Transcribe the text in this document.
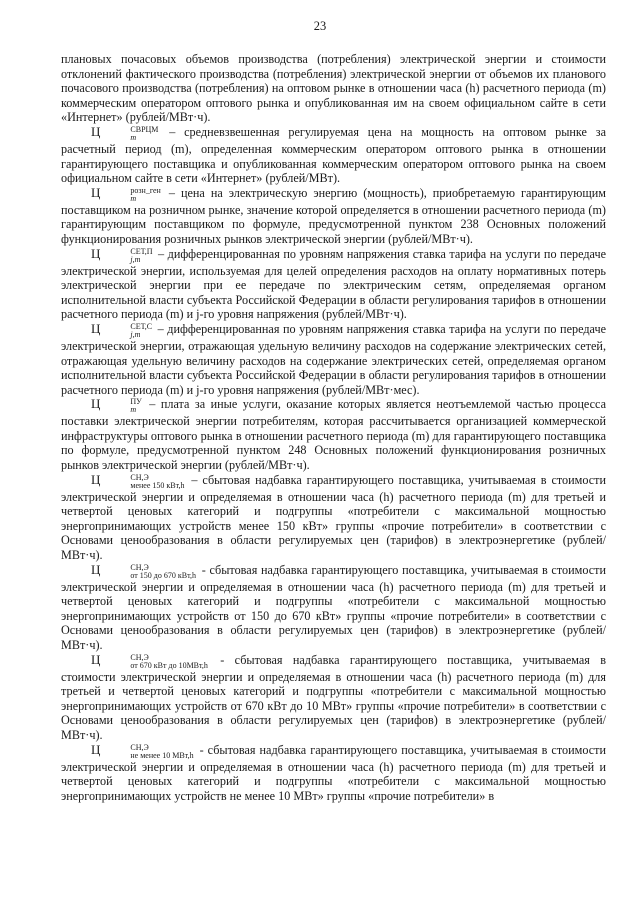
23

плановых почасовых объемов производства (потребления) электрической энергии и стоимости отклонений фактического производства (потребления) электрической энергии от объемов их планового почасового производства (потребления) на оптовом рынке в отношении часа (h) расчетного периода (m) коммерческим оператором оптового рынка и опубликованная им на своем официальном сайте в сети «Интернет» (рублей/МВт·ч).

Ц	СВРЦМ
m	– средневзвешенная регулируемая цена на мощность на оптовом рынке за расчетный период (m), определенная коммерческим оператором оптового рынка в отношении гарантирующего поставщика и опубликованная коммерческим оператором оптового рынка на своем официальном сайте в сети «Интернет» (рублей/МВт).

Ц	розн_ген
m	– цена на электрическую энергию (мощность), приобретаемую гарантирующим поставщиком на розничном рынке, значение которой определяется в отношении расчетного периода (m) гарантирующим поставщиком по формуле, предусмотренной пунктом 238 Основных положений функционирования розничных рынков электрической энергии (рублей/МВт·ч).

Ц	СЕТ,П
j,m	– дифференцированная по уровням напряжения ставка тарифа на услуги по передаче электрической энергии, используемая для целей определения расходов на оплату нормативных потерь электрической энергии при ее передаче по электрическим сетям, определяемая органом исполнительной власти субъекта Российской Федерации в области регулирования тарифов в отношении расчетного периода (m) и j-го уровня напряжения (рублей/МВт·ч).

Ц	СЕТ,С
j,m	– дифференцированная по уровням напряжения ставка тарифа на услуги по передаче электрической энергии, отражающая удельную величину расходов на содержание электрических сетей, отражающая удельную величину расходов на содержание электрических сетей, определяемая органом исполнительной власти субъекта Российской Федерации в области регулирования тарифов в отношении расчетного периода (m) и j-го уровня напряжения (рублей/МВт·мес).

Ц	ПУ
m – плата за иные услуги, оказание которых является неотъемлемой частью процесса поставки электрической энергии потребителям, которая рассчитывается организацией коммерческой инфраструктуры оптового рынка в отношении расчетного периода (m) для гарантирующего поставщика по формуле, предусмотренной пунктом 248 Основных положений функционирования розничных рынков электрической энергии (рублей/МВт·ч).

Ц	СН,Э
менее 150 кВт,h – сбытовая надбавка гарантирующего поставщика, учитываемая в стоимости электрической энергии и определяемая в отношении часа (h) расчетного периода (m) для третьей и четвертой ценовых категорий и подгруппы «потребители с максимальной мощностью энергопринимающих устройств менее 150 кВт» группы «прочие потребители» в соответствии с Основами ценообразования в области регулируемых цен (тарифов) в электроэнергетике (рублей/МВт·ч).

Ц	СН,Э
от 150 до 670 кВт,h - сбытовая надбавка гарантирующего поставщика, учитываемая в стоимости электрической энергии и определяемая в отношении часа (h) расчетного периода (m) для третьей и четвертой ценовых категорий и подгруппы «потребители с максимальной мощностью энергопринимающих устройств от 150 до 670 кВт» группы «прочие потребители» в соответствии с Основами ценообразования в области регулируемых цен (тарифов) в электроэнергетике (рублей/МВт·ч).

Ц	СН,Э
от 670 кВт до 10МВт,h - сбытовая надбавка гарантирующего поставщика, учитываемая в стоимости электрической энергии и определяемая в отношении часа (h) расчетного периода (m) для третьей и четвертой ценовых категорий и подгруппы «потребители с максимальной мощностью энергопринимающих устройств от 670 кВт до 10 МВт» группы «прочие потребители» в соответствии с Основами ценообразования в области регулируемых цен (тарифов) в электроэнергетике (рублей/МВт·ч).

Ц	СН,Э
не менее 10 МВт,h - сбытовая надбавка гарантирующего поставщика, учитываемая в стоимости электрической энергии и определяемая в отношении часа (h) расчетного периода (m) для третьей и четвертой ценовых категорий и подгруппы «потребители с максимальной мощностью энергопринимающих устройств не менее 10 МВт» группы «прочие потребители» в
